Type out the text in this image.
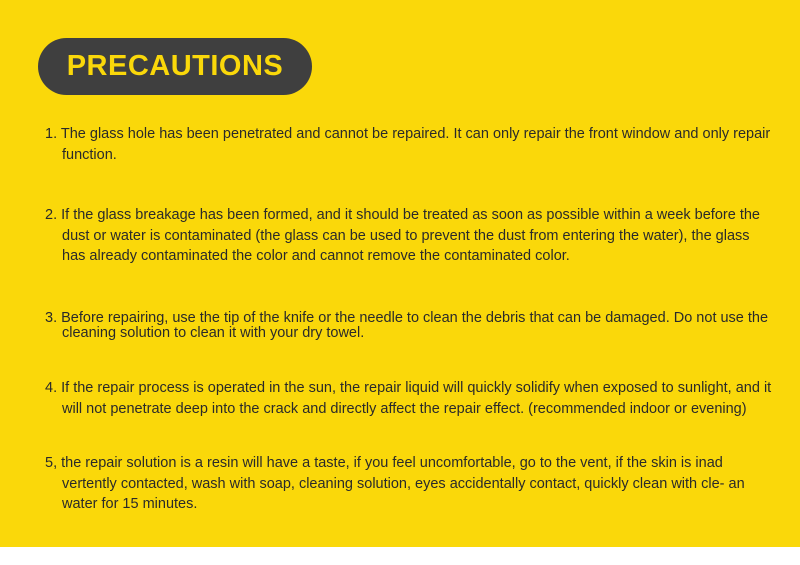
PRECAUTIONS

1. The glass hole has been penetrated and cannot be repaired. It can only repair the front window and only repair function.

2. If the glass breakage has been formed, and it should be treated as soon as possible within a week before the dust or water is contaminated (the glass can be used to prevent the dust from entering the water), the glass has already contaminated the color and cannot remove the contaminated color.

3. Before repairing, use the tip of the knife or the needle to clean the debris that can be damaged. Do not use the cleaning solution to clean it with your dry towel.

4. If the repair process is operated in the sun, the repair liquid will quickly solidify when exposed to sunlight, and it will not penetrate deep into the crack and directly affect the repair effect. (recommended indoor or evening)

5, the repair solution is a resin will have a taste, if you feel uncomfortable, go to the vent, if the skin is inad vertently contacted, wash with soap, cleaning solution, eyes accidentally contact, quickly clean with cle- an water for 15 minutes.
